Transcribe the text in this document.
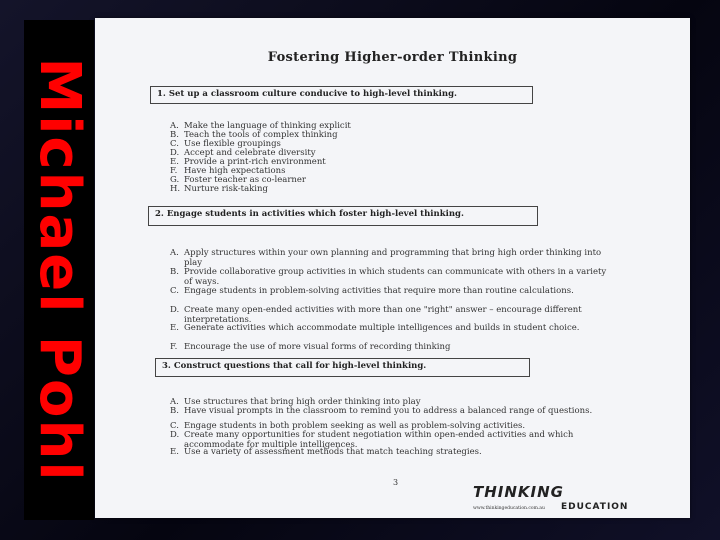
Michael Pohl	Fostering Higher-order Thinking
1. Set up a classroom culture conducive to high-level thinking.
A. Make the language of thinking explicit
B. Teach the tools of complex thinking
C. Use flexible groupings
D. Accept and celebrate diversity
E. Provide a print-rich environment
F. Have high expectations
G. Foster teacher as co-learner
H. Nurture risk-taking
2. Engage students in activities which foster high-level thinking.
A. Apply structures within your own planning and programming that bring high order thinking into play
B. Provide collaborative group activities in which students can communicate with others in a variety of ways.
C. Engage students in problem-solving activities that require more than routine calculations.
D. Create many open-ended activities with more than one "right" answer – encourage different interpretations.
E. Generate activities which accommodate multiple intelligences and builds in student choice.
F. Encourage the use of more visual forms of recording thinking
3. Construct questions that call for high-level thinking.
A. Use structures that bring high order thinking into play
B. Have visual prompts in the classroom to remind you to address a balanced range of questions.
C. Engage students in both problem seeking as well as problem-solving activities.
D. Create many opportunities for student negotiation within open-ended activities and which accommodate for multiple intelligences.
E. Use a variety of assessment methods that match teaching strategies.
3
THINKING
www.thinkingeducation.com.au EDUCATION
